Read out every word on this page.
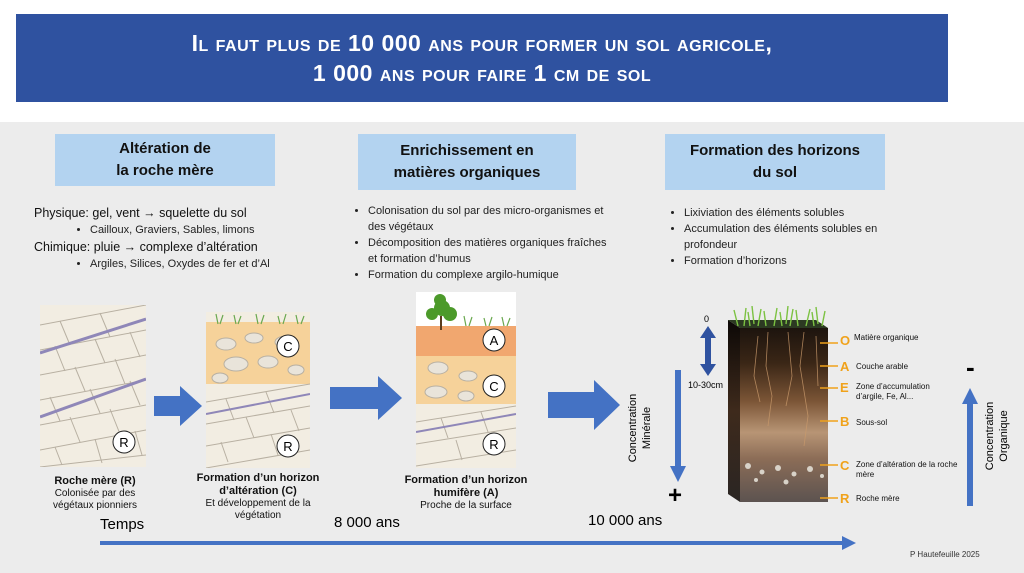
Il faut plus de 10 000 ans pour former un sol agricole,
1 000 ans pour faire 1 cm de sol
Altération de
la roche mère
Enrichissement en
matières organiques
Formation des horizons
du sol
Physique: gel, vent → squelette du sol
• Cailloux, Graviers, Sables, limons
Chimique: pluie → complexe d’altération
• Argiles, Silices, Oxydes de fer et d’Al
• Colonisation du sol par des micro-organismes et des végétaux
• Décomposition des matières organiques fraîches et formation d’humus
• Formation du complexe argilo-humique
• Lixiviation des éléments solubles
• Accumulation des éléments solubles en profondeur
• Formation d’horizons
R
C
R
A
C
R
Roche mère (R)
Colonisée par des végétaux pionniers
Formation d’un horizon d’altération (C)
Et développement de la végétation
Formation d’un horizon humifère (A)
Proche de la surface
0
10-30cm
O Matière organique
A Couche arable
E Zone d’accumulation d’argile, Fe, Al...
B Sous-sol
C Zone d’altération de la roche mère
R Roche mère
Concentration Minérale
+
-
Concentration Organique
Temps	8 000 ans	10 000 ans
P Hautefeuille 2025
